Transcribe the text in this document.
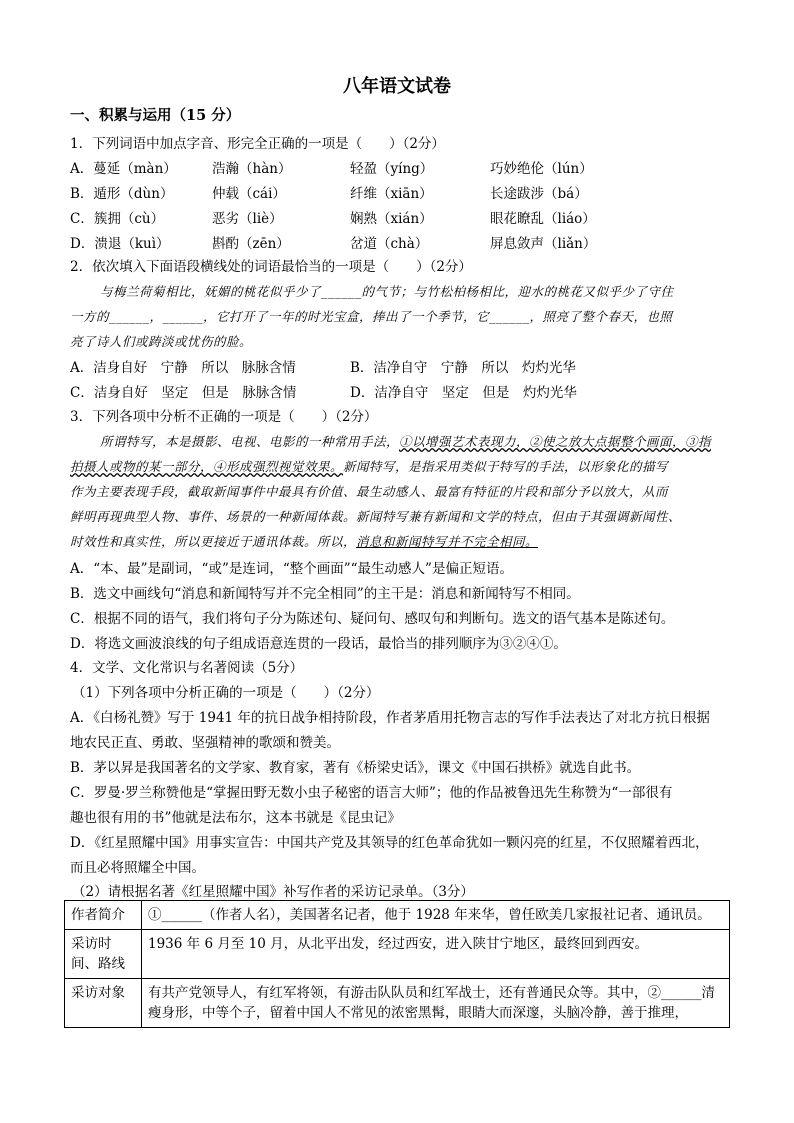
八年语文试卷
一、积累与运用（15 分）
1．下列词语中加点字音、形完全正确的一项是（　　）（2分）
A．蔓延（màn）	浩瀚（hàn）	轻盈（yíng）	巧妙绝伦（lún）
B．遁形（dùn）	仲载（cái）	纤维（xiān）	长途跋涉（bá）
C．簇拥（cù）	恶劣（liè）	娴熟（xián）	眼花瞭乱（liáo）
D．溃退（kuì）	斟酌（zēn）	岔道（chà）	屏息敛声（liǎn）
2．依次填入下面语段横线处的词语最恰当的一项是（　　）（2分）
与梅兰荷菊相比，妩媚的桃花似乎少了______的气节；与竹松柏杨相比，迎水的桃花又似乎少了守住
一方的______，______，它打开了一年的时光宝盒，捧出了一个季节，它______，照亮了整个春天，也照
亮了诗人们或踌淡或忧伤的脸。
A．洁身自好　宁静　所以　脉脉含情	B．洁净自守　宁静　所以　灼灼光华
C．洁身自好　坚定　但是　脉脉含情	D．洁净自守　坚定　但是　灼灼光华
3．下列各项中分析不正确的一项是（　　）（2分）
所谓特写，本是摄影、电视、电影的一种常用手法，①以增强艺术表现力，②使之放大点据整个画面，③指
拍摄人或物的某一部分，④形成强烈视觉效果。新闻特写，是指采用类似于特写的手法，以形象化的描写
作为主要表现手段，截取新闻事件中最具有价值、最生动感人、最富有特征的片段和部分予以放大，从而
鲜明再现典型人物、事件、场景的一种新闻体裁。新闻特写兼有新闻和文学的特点，但由于其强调新闻性、
时效性和真实性，所以更接近于通讯体裁。所以，消息和新闻特写并不完全相同。
A．“本、最”是副词，“或”是连词，“整个画面”“最生动感人”是偏正短语。
B．选文中画线句“消息和新闻特写并不完全相同”的主干是：消息和新闻特写不相同。
C．根据不同的语气，我们将句子分为陈述句、疑问句、感叹句和判断句。选文的语气基本是陈述句。
D．将选文画波浪线的句子组成语意连贯的一段话，最恰当的排列顺序为③②④①。
4．文学、文化常识与名著阅读（5分）
（1）下列各项中分析正确的一项是（　　）（2分）
A．《白杨礼赞》写于 1941 年的抗日战争相持阶段，作者茅盾用托物言志的写作手法表达了对北方抗日根据
地农民正直、勇敢、坚强精神的歌颂和赞美。
B．茅以昇是我国著名的文学家、教育家，著有《桥梁史话》，课文《中国石拱桥》就选自此书。
C．罗曼·罗兰称赞他是“掌握田野无数小虫子秘密的语言大师”；他的作品被鲁迅先生称赞为“一部很有
趣也很有用的书”他就是法布尔，这本书就是《昆虫记》
D．《红星照耀中国》用事实宣告：中国共产党及其领导的红色革命犹如一颗闪亮的红星，不仅照耀着西北，
而且必将照耀全中国。
（2）请根据名著《红星照耀中国》补写作者的采访记录单。（3分）
作者简介	①______（作者人名），美国著名记者，他于 1928 年来华，曾任欧美几家报社记者、通讯员。
采访时间、路线	1936 年 6 月至 10 月，从北平出发，经过西安，进入陕甘宁地区，最终回到西安。
采访对象	有共产党领导人，有红军将领，有游击队队员和红军战士，还有普通民众等。其中，②______清瘦身形，中等个子，留着中国人不常见的浓密黑髯，眼睛大而深邃，头脑冷静，善于推理，
